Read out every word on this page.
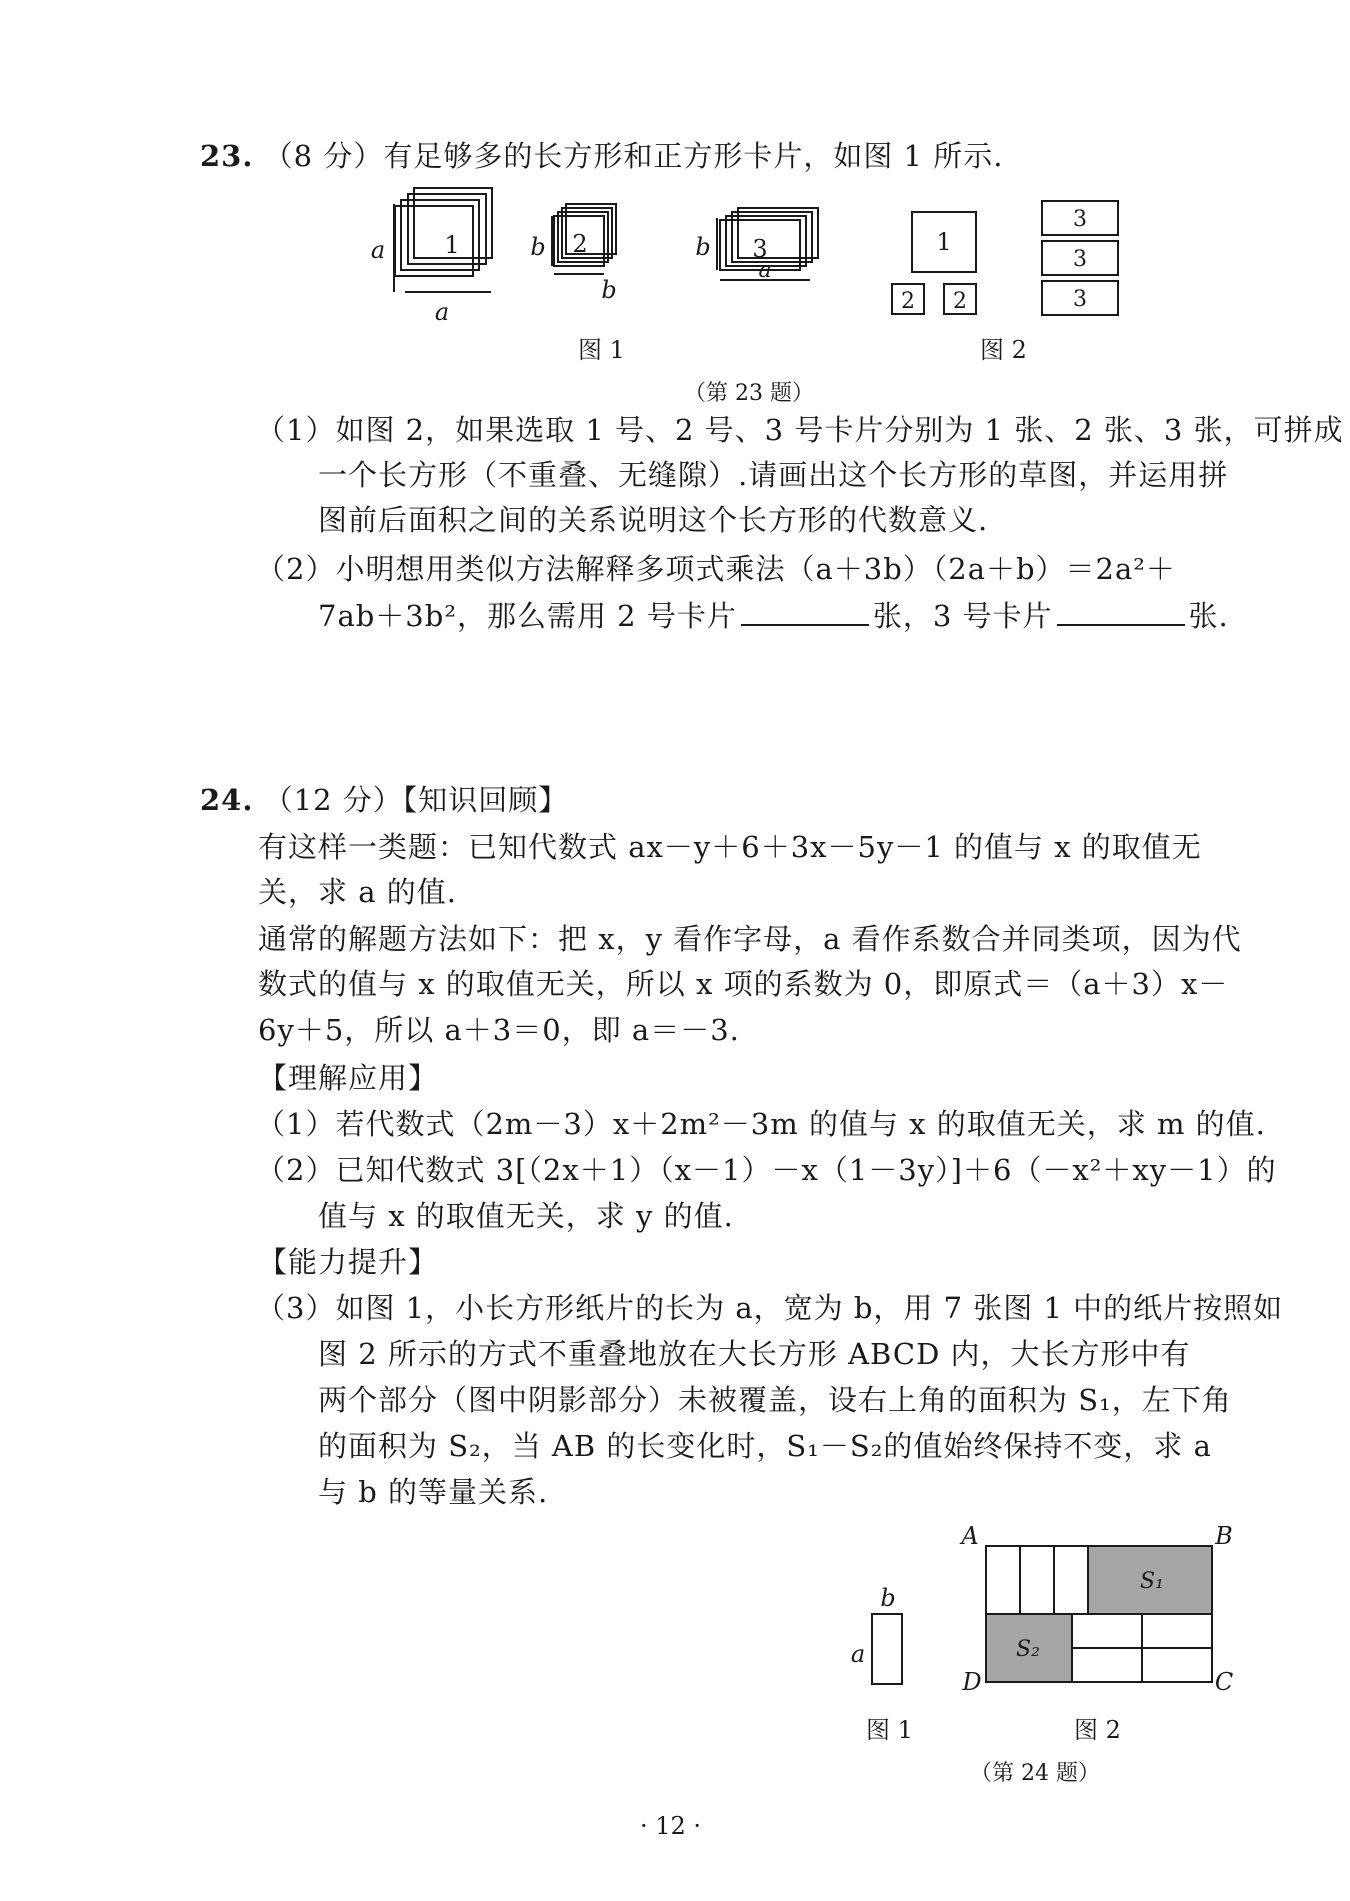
23. （8 分）有足够多的长方形和正方形卡片，如图 1 所示.
1
a
a
2
b
b
3
b
a
1
2 2
3
3
3
图 1	图 2
（第 23 题）
（1）如图 2，如果选取 1 号、2 号、3 号卡片分别为 1 张、2 张、3 张，可拼成
一个长方形（不重叠、无缝隙）.请画出这个长方形的草图，并运用拼
图前后面积之间的关系说明这个长方形的代数意义.
（2）小明想用类似方法解释多项式乘法（a＋3b）（2a＋b）＝2a²＋
7ab＋3b²，那么需用 2 号卡片	张，3 号卡片	张.
24. （12 分）【知识回顾】
有这样一类题：已知代数式 ax－y＋6＋3x－5y－1 的值与 x 的取值无
关，求 a 的值.
通常的解题方法如下：把 x，y 看作字母，a 看作系数合并同类项，因为代
数式的值与 x 的取值无关，所以 x 项的系数为 0，即原式＝（a＋3）x－
6y＋5，所以 a＋3＝0，即 a＝－3.
【理解应用】
（1）若代数式（2m－3）x＋2m²－3m 的值与 x 的取值无关，求 m 的值.
（2）已知代数式 3[（2x＋1）（x－1）－x（1－3y）]＋6（－x²＋xy－1）的
值与 x 的取值无关，求 y 的值.
【能力提升】
（3）如图 1，小长方形纸片的长为 a，宽为 b，用 7 张图 1 中的纸片按照如
图 2 所示的方式不重叠地放在大长方形 ABCD 内，大长方形中有
两个部分（图中阴影部分）未被覆盖，设右上角的面积为 S₁，左下角
的面积为 S₂，当 AB 的长变化时，S₁－S₂的值始终保持不变，求 a
与 b 的等量关系.
b
a
A	B
C
D
S₁
S₂
图 1	图 2
（第 24 题）
· 12 ·
